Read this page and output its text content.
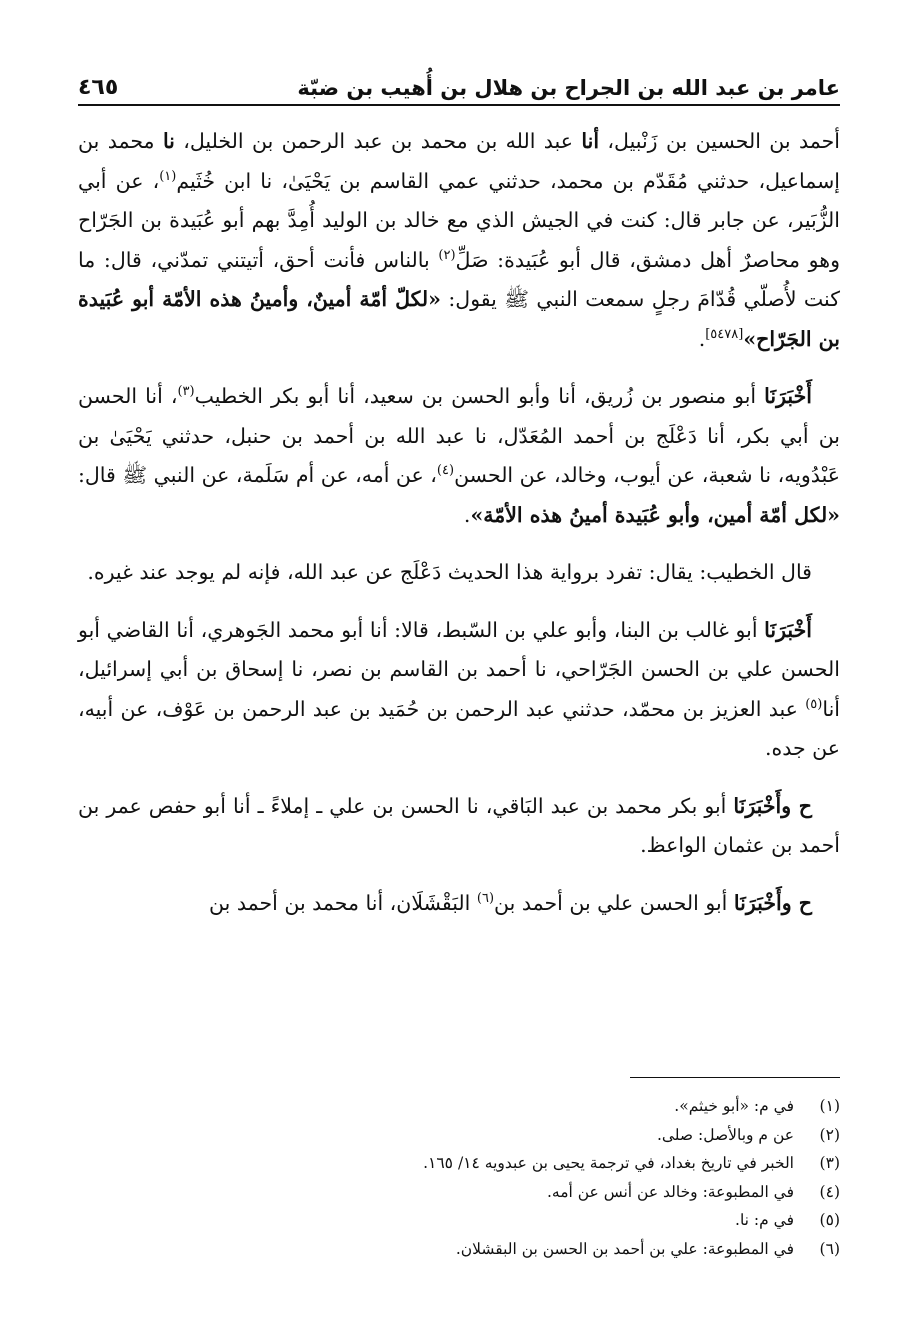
عامر بن عبد الله بن الجراح بن هلال بن أُهيب بن ضبّة
٤٦٥

أحمد بن الحسين بن زَنْبيل، أنا عبد الله بن محمد بن عبد الرحمن بن الخليل، نا محمد بن إسماعيل، حدثني مُقَدّم بن محمد، حدثني عمي القاسم بن يَحْيَىٰ، نا ابن خُثَيم$^{(١)}$، عن أبي الزُّبَير، عن جابر قال: كنت في الجيش الذي مع خالد بن الوليد أُمِدَّ بهم أبو عُبَيدة بن الجَرّاح وهو محاصرٌ أهل دمشق، قال أبو عُبَيدة: صَلِّ$^{(٢)}$ بالناس فأنت أحق، أتيتني تمدّني، قال: ما كنت لأُصلّي قُدّامَ رجلٍ سمعت النبي ﷺ يقول: «لكلّ أمّة أمينٌ، وأمينُ هذه الأمّة أبو عُبَيدة بن الجَرّاح»[٥٤٧٨].

أَخْبَرَنَا أبو منصور بن زُريق، أنا وأبو الحسن بن سعيد، أنا أبو بكر الخطيب$^{(٣)}$، أنا الحسن بن أبي بكر، أنا دَعْلَج بن أحمد المُعَدّل، نا عبد الله بن أحمد بن حنبل، حدثني يَحْيَىٰ بن عَبْدُويه، نا شعبة، عن أيوب، وخالد، عن الحسن$^{(٤)}$، عن أمه، عن أم سَلَمة، عن النبي ﷺ قال: «لكل أمّة أمين، وأبو عُبَيدة أمينُ هذه الأمّة».

قال الخطيب: يقال: تفرد برواية هذا الحديث دَعْلَج عن عبد الله، فإنه لم يوجد عند غيره.

أَخْبَرَنَا أبو غالب بن البنا، وأبو علي بن السّبط، قالا: أنا أبو محمد الجَوهري، أنا القاضي أبو الحسن علي بن الحسن الجَرّاحي، نا أحمد بن القاسم بن نصر، نا إسحاق بن أبي إسرائيل، أنا$^{(٥)}$ عبد العزيز بن محمّد، حدثني عبد الرحمن بن حُمَيد بن عبد الرحمن بن عَوْف، عن أبيه، عن جده.

ح وأَخْبَرَنَا أبو بكر محمد بن عبد البَاقي، نا الحسن بن علي ـ إملاءً ـ أنا أبو حفص عمر بن أحمد بن عثمان الواعظ.

ح وأَخْبَرَنَا أبو الحسن علي بن أحمد بن$^{(٦)}$ البَقْشَلَان، أنا محمد بن أحمد بن

(١)
في م: «أبو خيثم».
(٢)
عن م وبالأصل: صلى.
(٣)
الخبر في تاريخ بغداد، في ترجمة يحيى بن عبدويه ١٤/ ١٦٥.
(٤)
في المطبوعة: وخالد عن أنس عن أمه.
(٥)
في م: نا.
(٦)
في المطبوعة: علي بن أحمد بن الحسن بن البقشلان.
